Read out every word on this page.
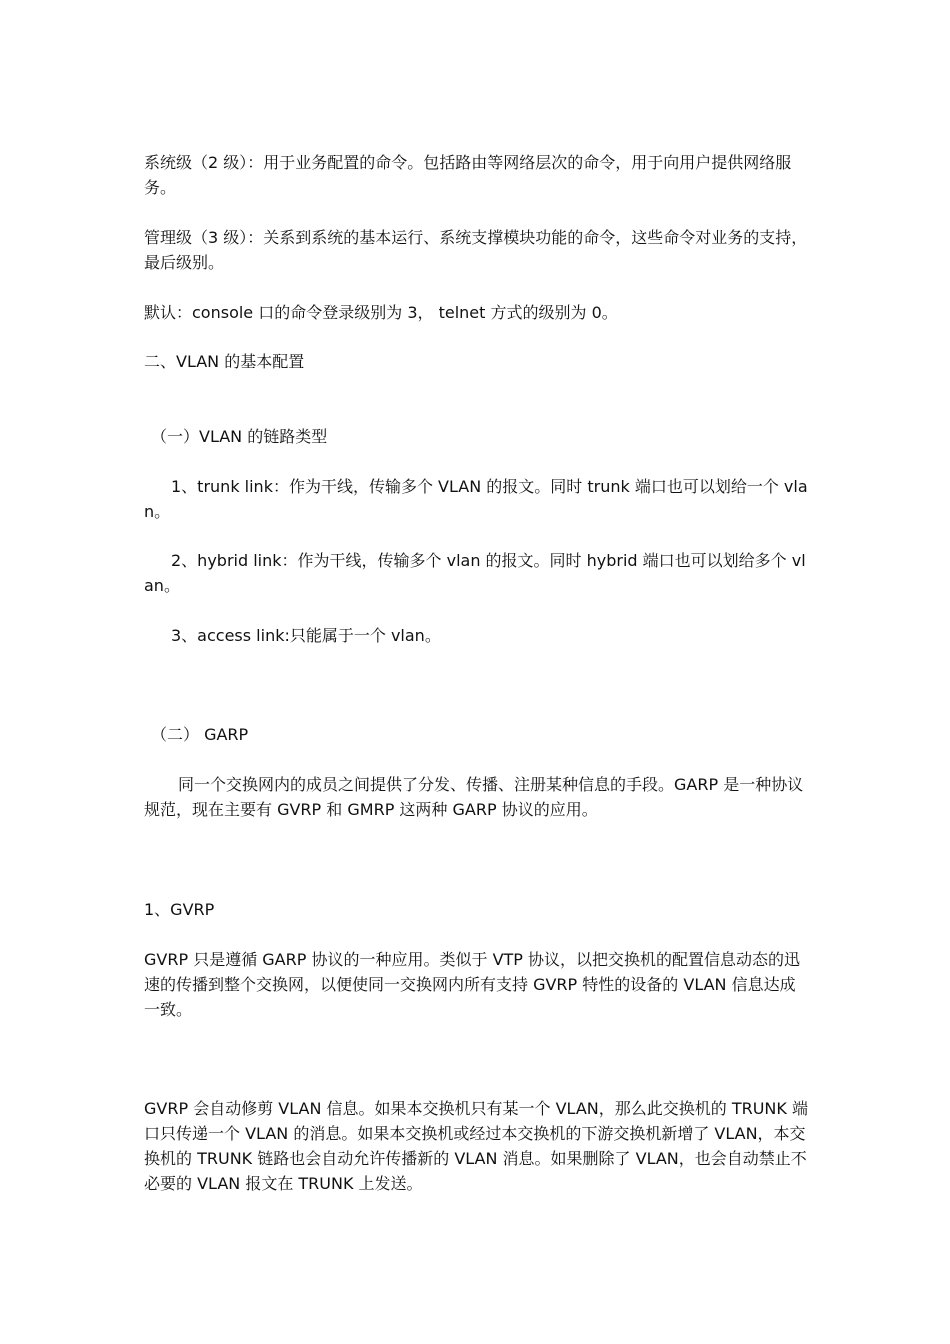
系统级（2 级）：用于业务配置的命令。包括路由等网络层次的命令，用于向用户提供网络服务。

管理级（3 级）：关系到系统的基本运行、系统支撑模块功能的命令，这些命令对业务的支持，最后级别。

默认：console 口的命令登录级别为 3， telnet 方式的级别为 0。

二、VLAN 的基本配置

（一）VLAN 的链路类型

1、trunk link：作为干线，传输多个 VLAN 的报文。同时 trunk 端口也可以划给一个 vlan。

2、hybrid link：作为干线，传输多个 vlan 的报文。同时 hybrid 端口也可以划给多个 vlan。

3、access link:只能属于一个 vlan。

（二） GARP

同一个交换网内的成员之间提供了分发、传播、注册某种信息的手段。GARP 是一种协议规范，现在主要有 GVRP 和 GMRP 这两种 GARP 协议的应用。

1、GVRP

GVRP 只是遵循 GARP 协议的一种应用。类似于 VTP 协议，以把交换机的配置信息动态的迅速的传播到整个交换网，以便使同一交换网内所有支持 GVRP 特性的设备的 VLAN 信息达成一致。

GVRP 会自动修剪 VLAN 信息。如果本交换机只有某一个 VLAN，那么此交换机的 TRUNK 端口只传递一个 VLAN 的消息。如果本交换机或经过本交换机的下游交换机新增了 VLAN，本交换机的 TRUNK 链路也会自动允许传播新的 VLAN 消息。如果删除了 VLAN，也会自动禁止不必要的 VLAN 报文在 TRUNK 上发送。
